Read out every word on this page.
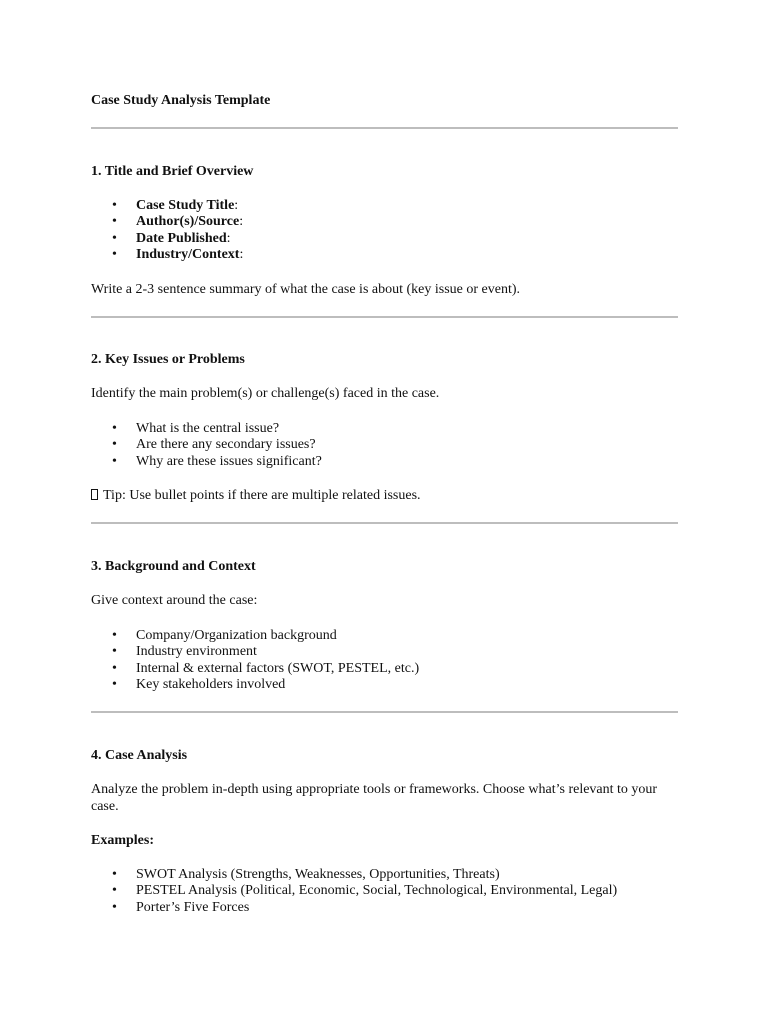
Case Study Analysis Template
1. Title and Brief Overview
• Case Study Title:
• Author(s)/Source:
• Date Published:
• Industry/Context:
Write a 2-3 sentence summary of what the case is about (key issue or event).
2. Key Issues or Problems
Identify the main problem(s) or challenge(s) faced in the case.
• What is the central issue?
• Are there any secondary issues?
• Why are these issues significant?
Tip: Use bullet points if there are multiple related issues.
3. Background and Context
Give context around the case:
• Company/Organization background
• Industry environment
• Internal & external factors (SWOT, PESTEL, etc.)
• Key stakeholders involved
4. Case Analysis
Analyze the problem in-depth using appropriate tools or frameworks. Choose what’s relevant to your case.
Examples:
• SWOT Analysis (Strengths, Weaknesses, Opportunities, Threats)
• PESTEL Analysis (Political, Economic, Social, Technological, Environmental, Legal)
• Porter’s Five Forces
